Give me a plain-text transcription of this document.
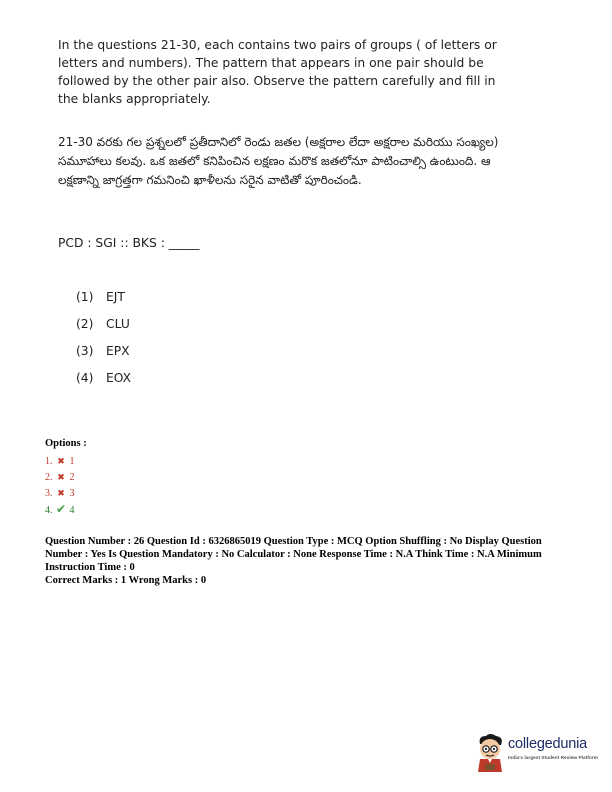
In the questions 21-30, each contains two pairs of groups ( of letters or letters and numbers). The pattern that appears in one pair should be followed by the other pair also. Observe the pattern carefully and fill in the blanks appropriately.

21-30 వరకు గల ప్రశ్నలలో ప్రతీదానిలో రెండు జతల (అక్షరాల లేదా అక్షరాల మరియు సంఖ్యల) సమూహాలు కలవు. ఒక జతలో కనిపించిన లక్షణం మరొక జతలోనూ పాటించాల్సి ఉంటుంది. ఆ లక్షణాన్ని జాగ్రత్తగా గమనించి ఖాళీలను సరైన వాటితో పూరించండి.

PCD : SGI :: BKS : _____
(1) EJT
(2) CLU
(3) EPX
(4) EOX
Options :
1. ✖ 1
2. ✖ 2
3. ✖ 3
4. ✔ 4
Question Number : 26 Question Id : 6326865019 Question Type : MCQ Option Shuffling : No Display Question Number : Yes Is Question Mandatory : No Calculator : None Response Time : N.A Think Time : N.A Minimum Instruction Time : 0
Correct Marks : 1 Wrong Marks : 0
collegedunia
India's largest Student Review Platform
